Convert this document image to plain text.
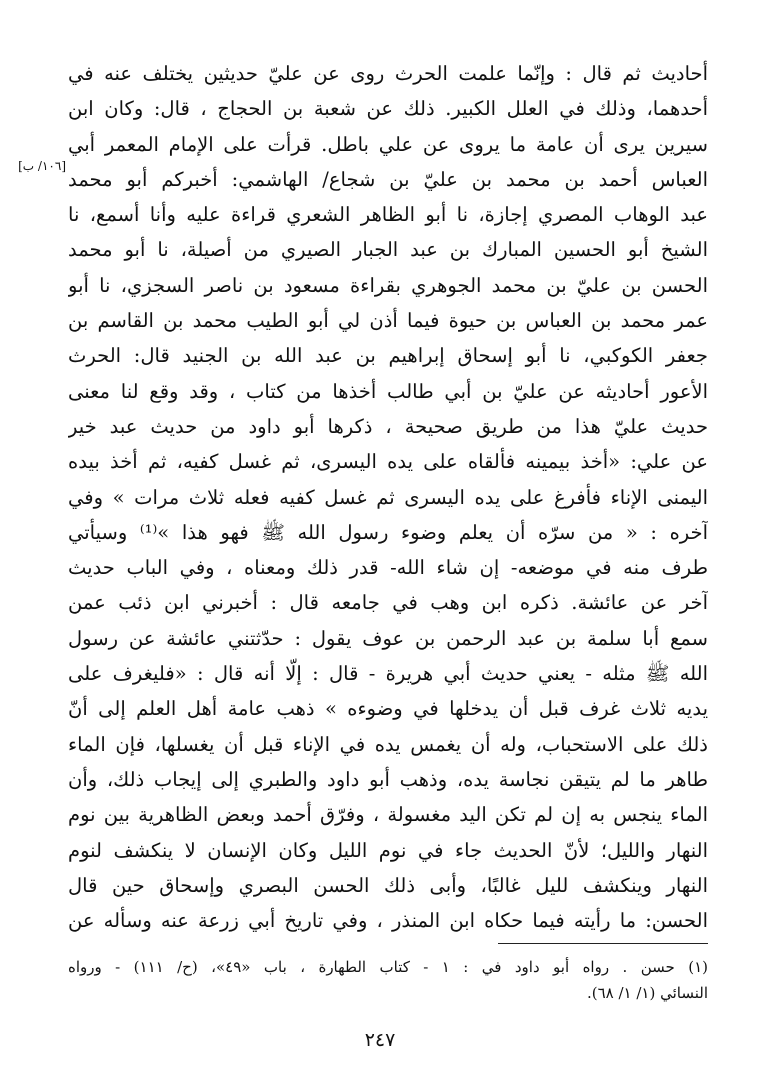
[١٠٦/ ب]
أحاديث ثم قال : وإنّما علمت الحرث روى عن عليّ حديثين يختلف عنه في
أحدهما، وذلك في العلل الكبير. ذلك عن شعبة بن الحجاج ، قال: وكان ابن
سيرين يرى أن عامة ما يروى عن علي باطل. قرأت على الإمام المعمر أبي
العباس أحمد بن محمد بن عليّ بن شجاع/ الهاشمي: أخبركم أبو محمد
عبد الوهاب المصري إجازة، نا أبو الظاهر الشعري قراءة عليه وأنا أسمع، نا
الشيخ أبو الحسين المبارك بن عبد الجبار الصيري من أصيلة، نا أبو محمد
الحسن بن عليّ بن محمد الجوهري بقراءة مسعود بن ناصر السجزي، نا أبو
عمر محمد بن العباس بن حيوة فيما أذن لي أبو الطيب محمد بن القاسم بن
جعفر الكوكبي، نا أبو إسحاق إبراهيم بن عبد الله بن الجنيد قال: الحرث
الأعور أحاديثه عن عليّ بن أبي طالب أخذها من كتاب ، وقد وقع لنا معنى
حديث عليّ هذا من طريق صحيحة ، ذكرها أبو داود من حديث عبد خير
عن علي: «أخذ بيمينه فألقاه على يده اليسرى، ثم غسل كفيه، ثم أخذ بيده
اليمنى الإناء فأفرغ على يده اليسرى ثم غسل كفيه فعله ثلاث مرات » وفي
آخره : « من سرّه أن يعلم وضوء رسول الله ﷺ فهو هذا »⁽¹⁾ وسيأتي
طرف منه في موضعه- إن شاء الله- قدر ذلك ومعناه ، وفي الباب حديث
آخر عن عائشة. ذكره ابن وهب في جامعه قال : أخبرني ابن ذئب عمن
سمع أبا سلمة بن عبد الرحمن بن عوف يقول : حدّثتني عائشة عن رسول
الله ﷺ مثله - يعني حديث أبي هريرة - قال : إلّا أنه قال : «فليغرف على
يديه ثلاث غرف قبل أن يدخلها في وضوءه » ذهب عامة أهل العلم إلى أنّ
ذلك على الاستحباب، وله أن يغمس يده في الإناء قبل أن يغسلها، فإن الماء
طاهر ما لم يتيقن نجاسة يده، وذهب أبو داود والطبري إلى إيجاب ذلك، وأن
الماء ينجس به إن لم تكن اليد مغسولة ، وفرّق أحمد وبعض الظاهرية بين نوم
النهار والليل؛ لأنّ الحديث جاء في نوم الليل وكان الإنسان لا ينكشف لنوم
النهار وينكشف لليل غالبًا، وأبى ذلك الحسن البصري وإسحاق حين قال
الحسن: ما رأيته فيما حكاه ابن المنذر ، وفي تاريخ أبي زرعة عنه وسأله عن
(١) حسن . رواه أبو داود في : ١ - كتاب الطهارة ، باب «٤٩»، (ح/ ١١١) - ورواه
النسائي (١/ ١/ ٦٨).
٢٤٧
